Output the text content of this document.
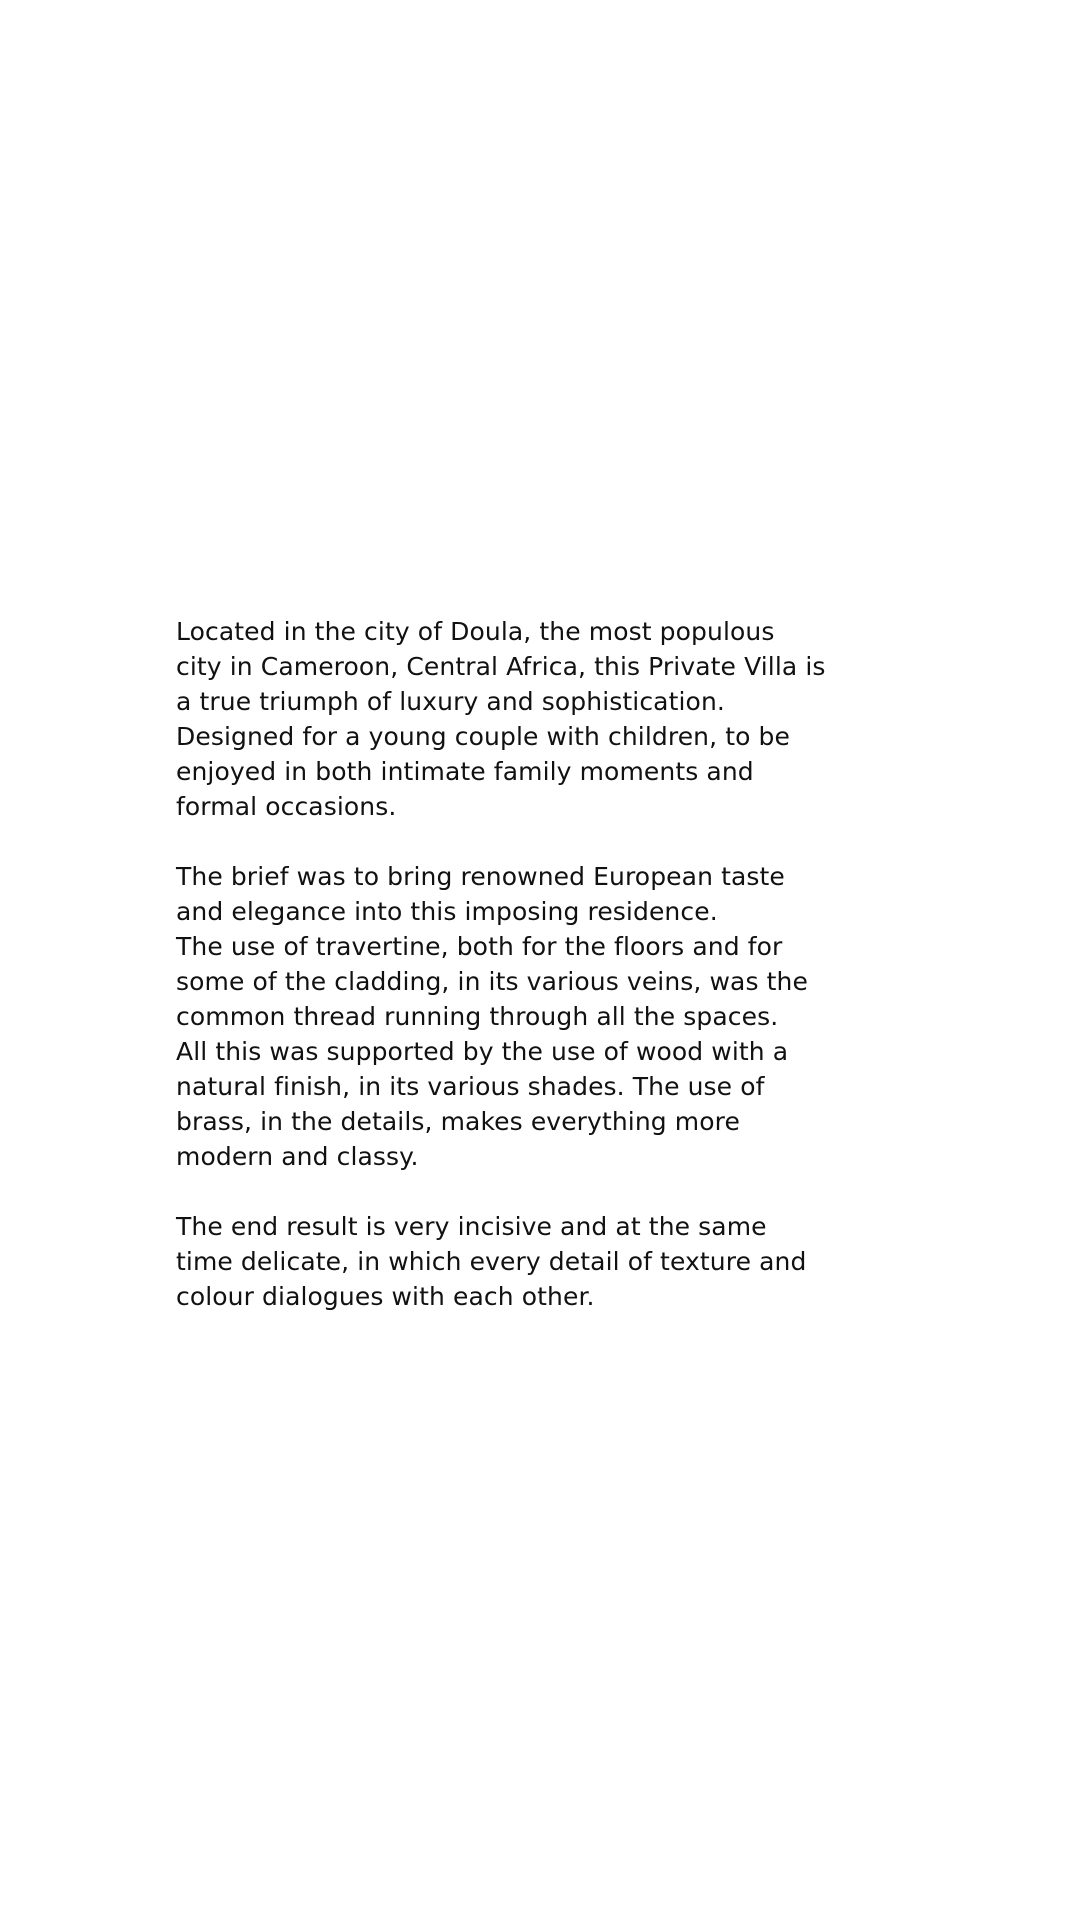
Located in the city of Doula, the most populous
city in Cameroon, Central Africa, this Private Villa is
a true triumph of luxury and sophistication.
Designed for a young couple with children, to be
enjoyed in both intimate family moments and
formal occasions.

The brief was to bring renowned European taste
and elegance into this imposing residence.
The use of travertine, both for the floors and for
some of the cladding, in its various veins, was the
common thread running through all the spaces.
All this was supported by the use of wood with a
natural finish, in its various shades. The use of
brass, in the details, makes everything more
modern and classy.

The end result is very incisive and at the same
time delicate, in which every detail of texture and
colour dialogues with each other.
